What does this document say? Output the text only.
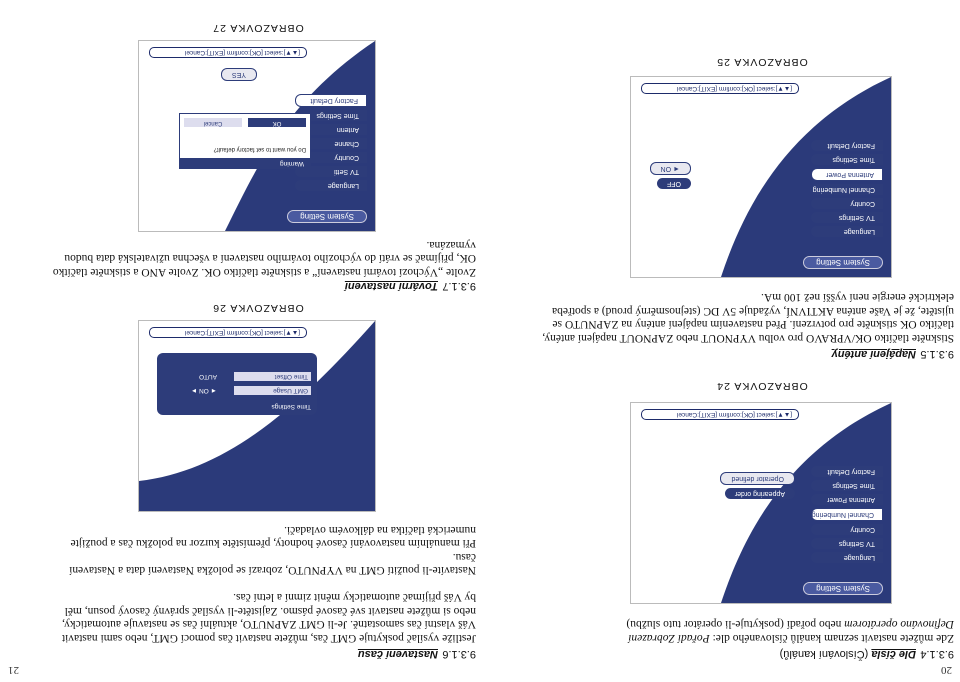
20
9.3.1.4Dle čísla (Číslování kanálů)
Zde můžete nastavit seznam kanálů číslovaného dle: Pořadí Zobrazení
Definováno operátorem nebo pořadí (poskytuje-li operátor tuto službu)
System Setting
Language
TV Settings
Country
Channel Numbering
Antenna Power
Time Settings
Factory Default
Appearing order
Operator defined
[▲▼]:select [OK]:confirm [EXIT]:Cancel
OBRAZOVKA 24
9.3.1.5Napájení antény
Stiskněte tlačítko OK/VPRAVO pro volbu VYPNOUT nebo ZAPNOUT napájení antény,
tlačítko OK stiskněte pro potvrzení. Před nastavením napájení antény na ZAPNUTO se
ujistěte, že je Vaše anténa AKTIVNÍ, vyžaduje 5V DC (stejnosměrný proud) a spotřeba
elektrické energie není vyšší než 100 mA.
System Setting
Language
TV Settings
Country
Channel Numbering
Antenna Power
Time Settings
Factory Default
OFF
◄ ON
[▲▼]:select [OK]:confirm [EXIT]:Cancel
OBRAZOVKA 25
21
9.3.1.6Nastavení času
Jestliže vysílač poskytuje GMT čas, můžete nastavit čas pomocí GMT, nebo sami nastavit
Váš vlastní čas samostatně. Je-li GMT ZAPNUTO, aktuální čas se nastavuje automaticky,
nebo si můžete nastavit své časové pásmo. Zajistěte-li vysílač správný časový posun, měl
by Váš přijímač automaticky měnit zimní a letní čas.

Nastavíte-li použití GMT na VYPNUTO, zobrazí se položka Nastavení data a Nastavení
času.
Při manuálním nastavování časové hodnoty, přemístěte kurzor na položku čas a použijte
numerická tlačítka na dálkovém ovladači.
Time Settings
GMT Usage
◄ ON ►
Time Offset
AUTO
[▲▼]:select [OK]:confirm [EXIT]:Cancel
OBRAZOVKA 26
9.3.1.7Tovární nastavení
Zvolte „Výchozí tovární nastavení“ a stiskněte tlačítko OK. Zvolte ANO a stiskněte tlačítko
OK, přijímač se vrátí do výchozího továrního nastavení a všechna uživatelská data budou
vymazána.
System Setting
Language
TV Setti
Country
Channe
Antenn
Time Settings
Factory Default
Warning
Do you want to set factory default?
OK
Cancel
YES
[▲▼]:select [OK]:confirm [EXIT]:Cancel
OBRAZOVKA 27
